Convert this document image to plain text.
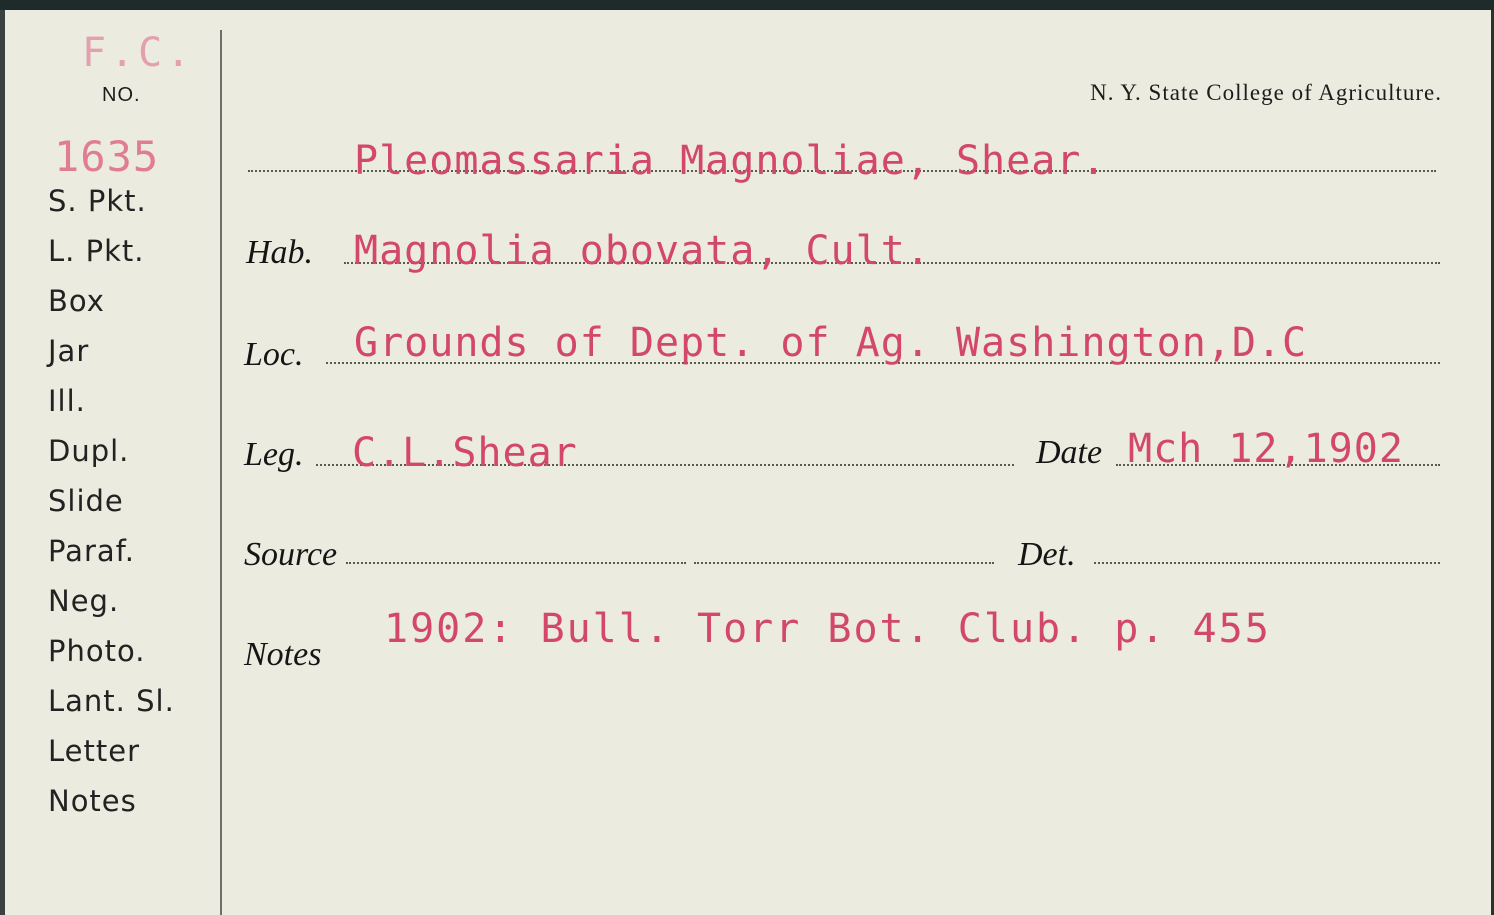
F.C.
NO.
1635
S. Pkt.
L. Pkt.
Box
Jar
Ill.
Dupl.
Slide
Paraf.
Neg.
Photo.
Lant. Sl.
Letter
Notes
N. Y. State College of Agriculture.
Pleomassaria Magnoliae, Shear.
Hab. Magnolia obovata, Cult.
Loc. Grounds of Dept. of Ag. Washington,D.C
Leg. C.L.Shear	Date Mch 12,1902
Source	Det.
Notes
1902: Bull. Torr Bot. Club. p. 455
